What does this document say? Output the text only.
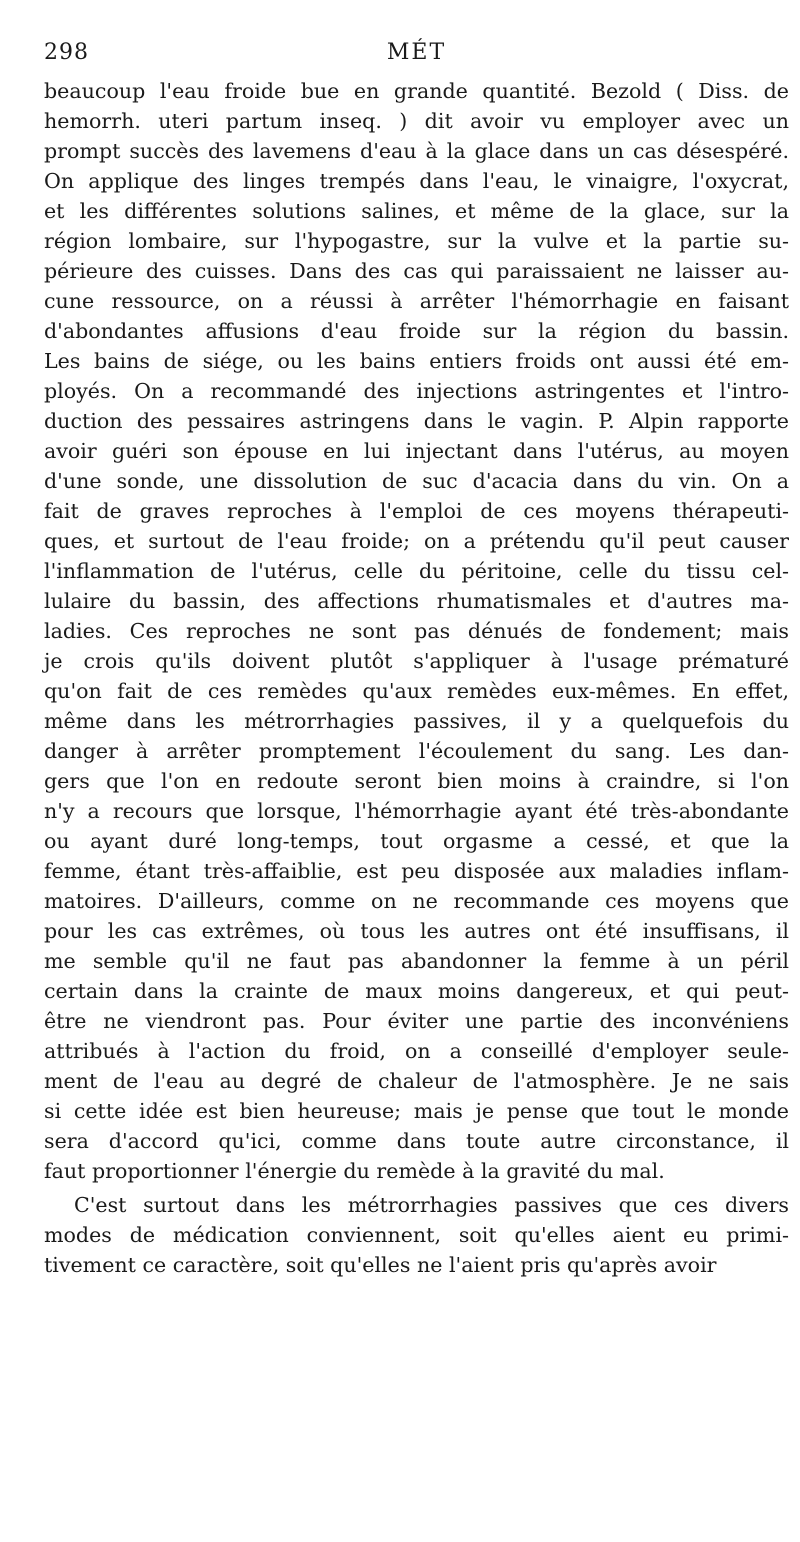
298	MÉT
beaucoup l'eau froide bue en grande quantité. Bezold ( Diss. de
hemorrh. uteri partum inseq. ) dit avoir vu employer avec un
prompt succès des lavemens d'eau à la glace dans un cas désespéré.
On applique des linges trempés dans l'eau, le vinaigre, l'oxycrat,
et les différentes solutions salines, et même de la glace, sur la
région lombaire, sur l'hypogastre, sur la vulve et la partie su-
périeure des cuisses. Dans des cas qui paraissaient ne laisser au-
cune ressource, on a réussi à arrêter l'hémorrhagie en faisant
d'abondantes affusions d'eau froide sur la région du bassin.
Les bains de siége, ou les bains entiers froids ont aussi été em-
ployés. On a recommandé des injections astringentes et l'intro-
duction des pessaires astringens dans le vagin. P. Alpin rapporte
avoir guéri son épouse en lui injectant dans l'utérus, au moyen
d'une sonde, une dissolution de suc d'acacia dans du vin. On a
fait de graves reproches à l'emploi de ces moyens thérapeuti-
ques, et surtout de l'eau froide; on a prétendu qu'il peut causer
l'inflammation de l'utérus, celle du péritoine, celle du tissu cel-
lulaire du bassin, des affections rhumatismales et d'autres ma-
ladies. Ces reproches ne sont pas dénués de fondement; mais
je crois qu'ils doivent plutôt s'appliquer à l'usage prématuré
qu'on fait de ces remèdes qu'aux remèdes eux-mêmes. En effet,
même dans les métrorrhagies passives, il y a quelquefois du
danger à arrêter promptement l'écoulement du sang. Les dan-
gers que l'on en redoute seront bien moins à craindre, si l'on
n'y a recours que lorsque, l'hémorrhagie ayant été très-abondante
ou ayant duré long-temps, tout orgasme a cessé, et que la
femme, étant très-affaiblie, est peu disposée aux maladies inflam-
matoires. D'ailleurs, comme on ne recommande ces moyens que
pour les cas extrêmes, où tous les autres ont été insuffisans, il
me semble qu'il ne faut pas abandonner la femme à un péril
certain dans la crainte de maux moins dangereux, et qui peut-
être ne viendront pas. Pour éviter une partie des inconvéniens
attribués à l'action du froid, on a conseillé d'employer seule-
ment de l'eau au degré de chaleur de l'atmosphère. Je ne sais
si cette idée est bien heureuse; mais je pense que tout le monde
sera d'accord qu'ici, comme dans toute autre circonstance, il
faut proportionner l'énergie du remède à la gravité du mal.
C'est surtout dans les métrorrhagies passives que ces divers
modes de médication conviennent, soit qu'elles aient eu primi-
tivement ce caractère, soit qu'elles ne l'aient pris qu'après avoir
